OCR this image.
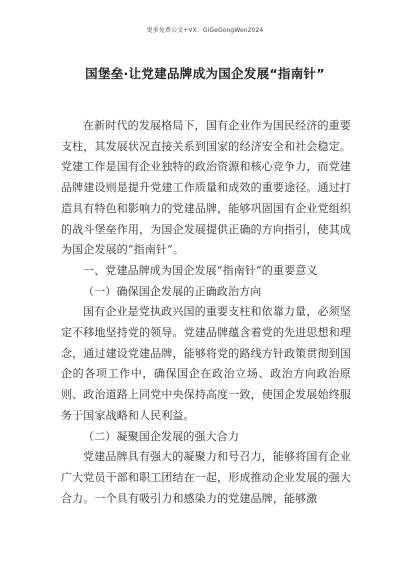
更多免费公文+VX：GiGeGongWen2024
国堡垒·让党建品牌成为国企发展“指南针”

在新时代的发展格局下，国有企业作为国民经济的重要支柱，其发展状况直接关系到国家的经济安全和社会稳定。党建工作是国有企业独特的政治资源和核心竞争力，而党建品牌建设则是提升党建工作质量和成效的重要途径。通过打造具有特色和影响力的党建品牌，能够巩固国有企业党组织的战斗堡垒作用，为国企发展提供正确的方向指引，使其成为国企发展的“指南针”。

一、党建品牌成为国企发展“指南针”的重要意义

（一）确保国企发展的正确政治方向

国有企业是党执政兴国的重要支柱和依靠力量，必须坚定不移地坚持党的领导。党建品牌蕴含着党的先进思想和理念，通过建设党建品牌，能够将党的路线方针政策贯彻到国企的各项工作中，确保国企在政治立场、政治方向政治原则、政治道路上同党中央保持高度一致，使国企发展始终服务于国家战略和人民利益。

（二）凝聚国企发展的强大合力

党建品牌具有强大的凝聚力和号召力，能够将国有企业广大党员干部和职工团结在一起，形成推动企业发展的强大合力。一个具有吸引力和感染力的党建品牌，能够激
